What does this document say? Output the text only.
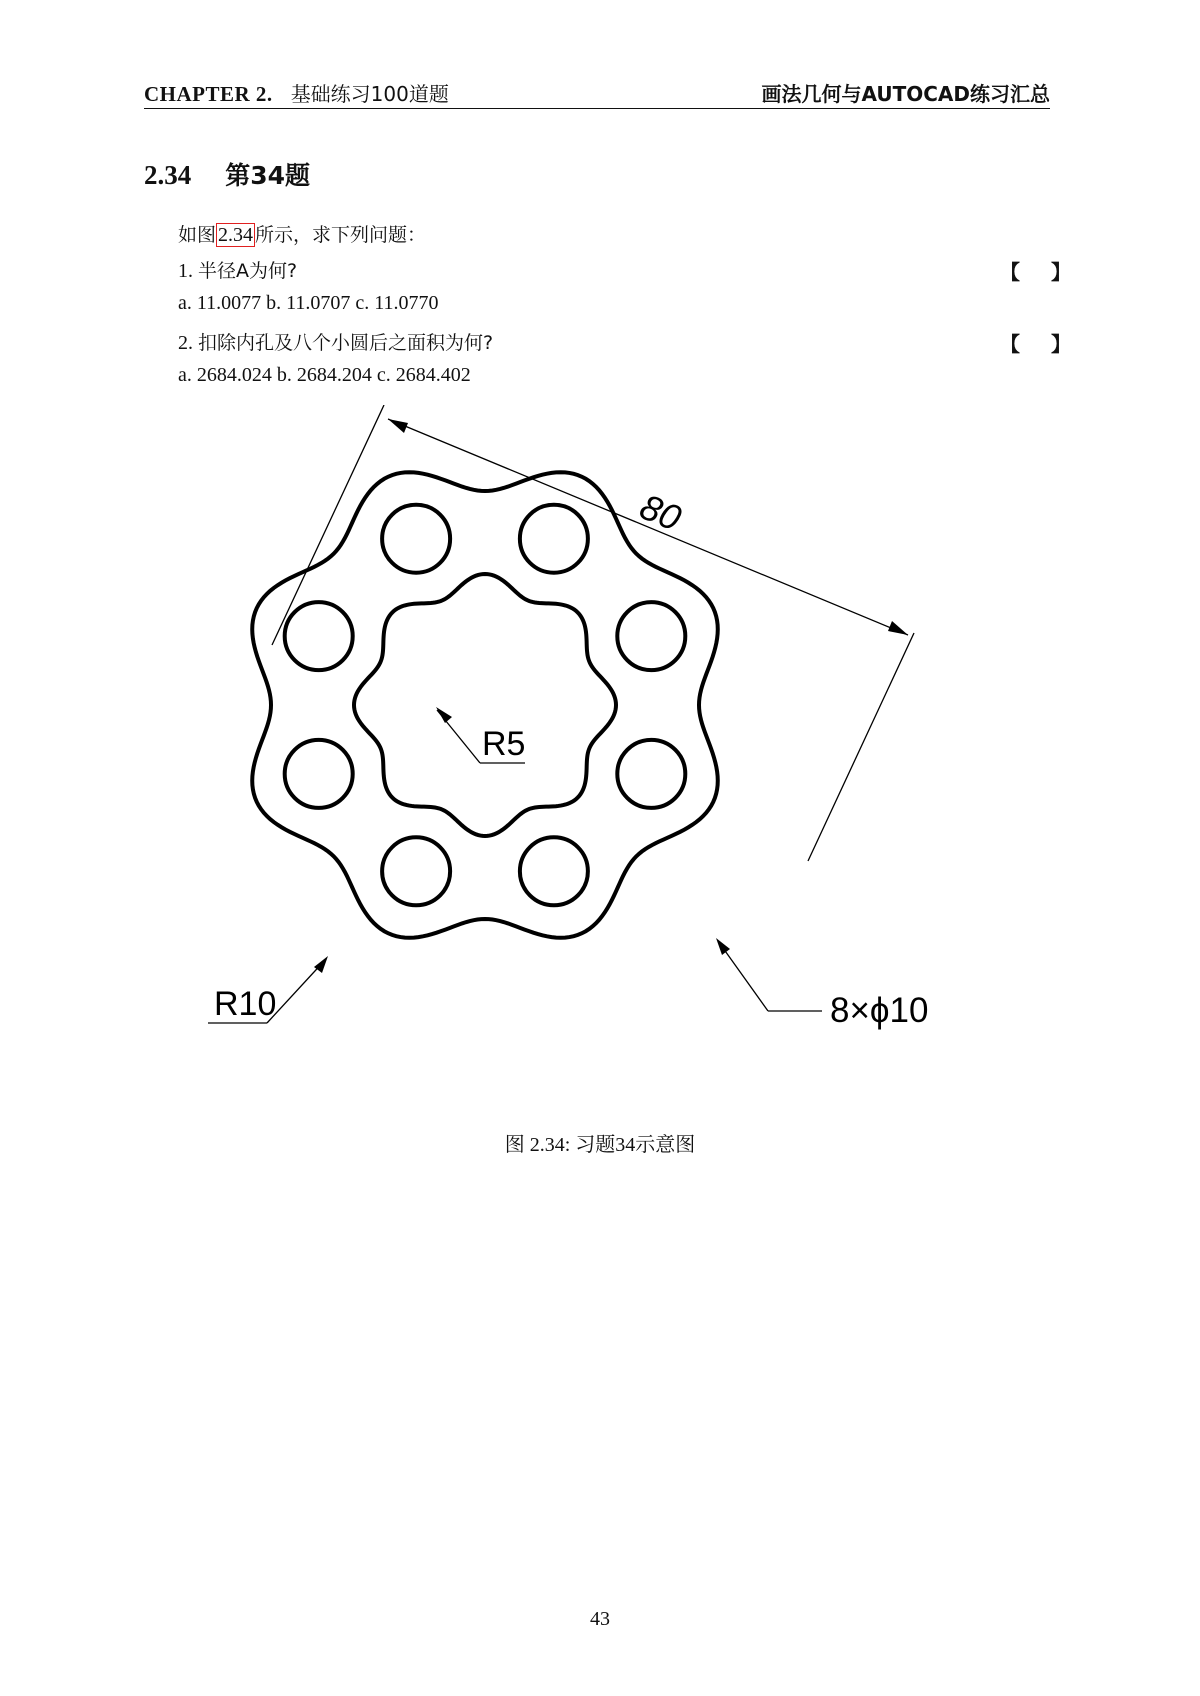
CHAPTER 2. 基础练习100道题	画法几何与AUTOCAD练习汇总
2.34 第34题
如图 2.34 所示，求下列问题：
1. 半径A为何?	【 】
a. 11.0077 b. 11.0707 c. 11.0770
2. 扣除内孔及八个小圆后之面积为何?	【 】
a. 2684.024 b. 2684.204 c. 2684.402
80
R5
R10	8×ϕ10
图 2.34: 习题34示意图
43
